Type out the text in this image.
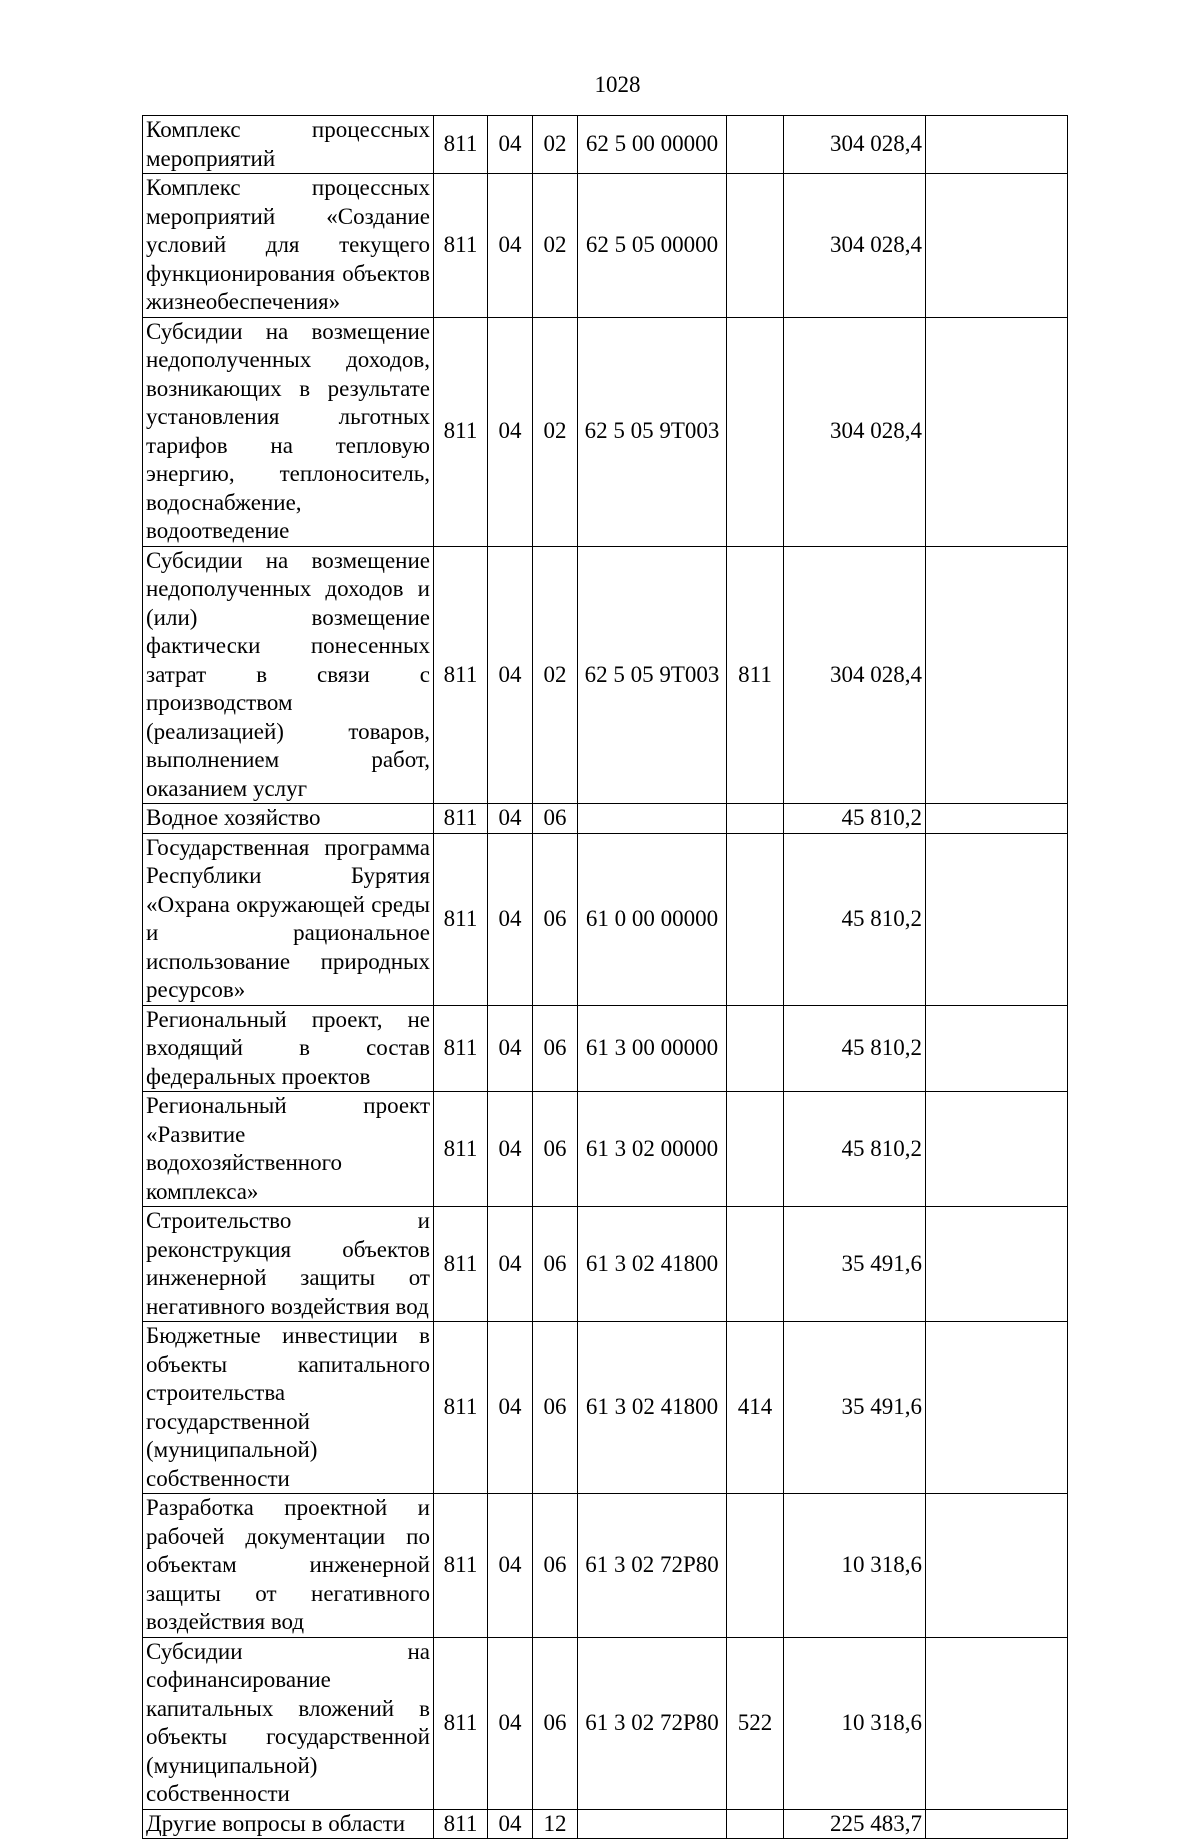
1028
Комплекс процессных мероприятий	811	04	02	62 5 00 00000		304 028,4	
Комплекс процессных мероприятий «Создание условий для текущего функционирования объектов жизнеобеспечения»	811	04	02	62 5 05 00000		304 028,4	
Субсидии на возмещение недополученных доходов, возникающих в результате установления льготных тарифов на тепловую энергию, теплоноситель, водоснабжение, водоотведение	811	04	02	62 5 05 9Т003		304 028,4	
Субсидии на возмещение недополученных доходов и (или) возмещение фактически понесенных затрат в связи с производством (реализацией) товаров, выполнением работ, оказанием услуг	811	04	02	62 5 05 9Т003	811	304 028,4	
Водное хозяйство	811	04	06			45 810,2	
Государственная программа Республики Бурятия «Охрана окружающей среды и рациональное использование природных ресурсов»	811	04	06	61 0 00 00000		45 810,2	
Региональный проект, не входящий в состав федеральных проектов	811	04	06	61 3 00 00000		45 810,2	
Региональный проект «Развитие водохозяйственного комплекса»	811	04	06	61 3 02 00000		45 810,2	
Строительство и реконструкция объектов инженерной защиты от негативного воздействия вод	811	04	06	61 3 02 41800		35 491,6	
Бюджетные инвестиции в объекты капитального строительства государственной (муниципальной) собственности	811	04	06	61 3 02 41800	414	35 491,6	
Разработка проектной и рабочей документации по объектам инженерной защиты от негативного воздействия вод	811	04	06	61 3 02 72Р80		10 318,6	
Субсидии на софинансирование капитальных вложений в объекты государственной (муниципальной) собственности	811	04	06	61 3 02 72Р80	522	10 318,6	
Другие вопросы в области	811	04	12			225 483,7	
